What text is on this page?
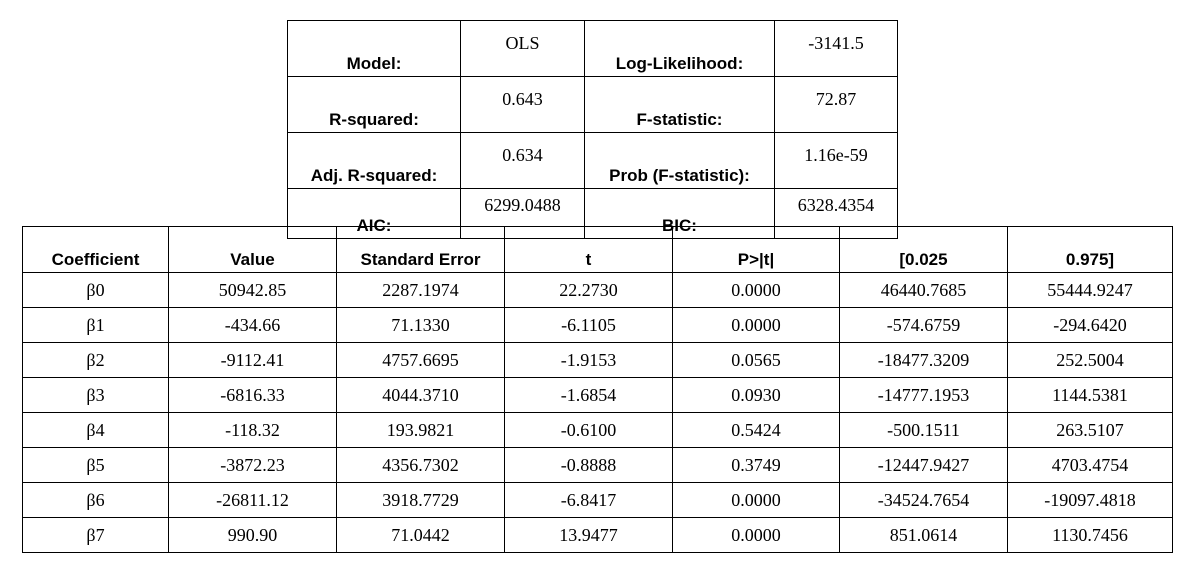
Model:	OLS	Log-Likelihood:	-3141.5
R-squared:	0.643	F-statistic:	72.87
Adj. R-squared:	0.634	Prob (F-statistic):	1.16e-59
AIC:	6299.0488	BIC:	6328.4354
Coefficient	Value	Standard Error	t	P>|t|	[0.025	0.975]
β0	50942.85	2287.1974	22.2730	0.0000	46440.7685	55444.9247
β1	-434.66	71.1330	-6.1105	0.0000	-574.6759	-294.6420
β2	-9112.41	4757.6695	-1.9153	0.0565	-18477.3209	252.5004
β3	-6816.33	4044.3710	-1.6854	0.0930	-14777.1953	1144.5381
β4	-118.32	193.9821	-0.6100	0.5424	-500.1511	263.5107
β5	-3872.23	4356.7302	-0.8888	0.3749	-12447.9427	4703.4754
β6	-26811.12	3918.7729	-6.8417	0.0000	-34524.7654	-19097.4818
β7	990.90	71.0442	13.9477	0.0000	851.0614	1130.7456
